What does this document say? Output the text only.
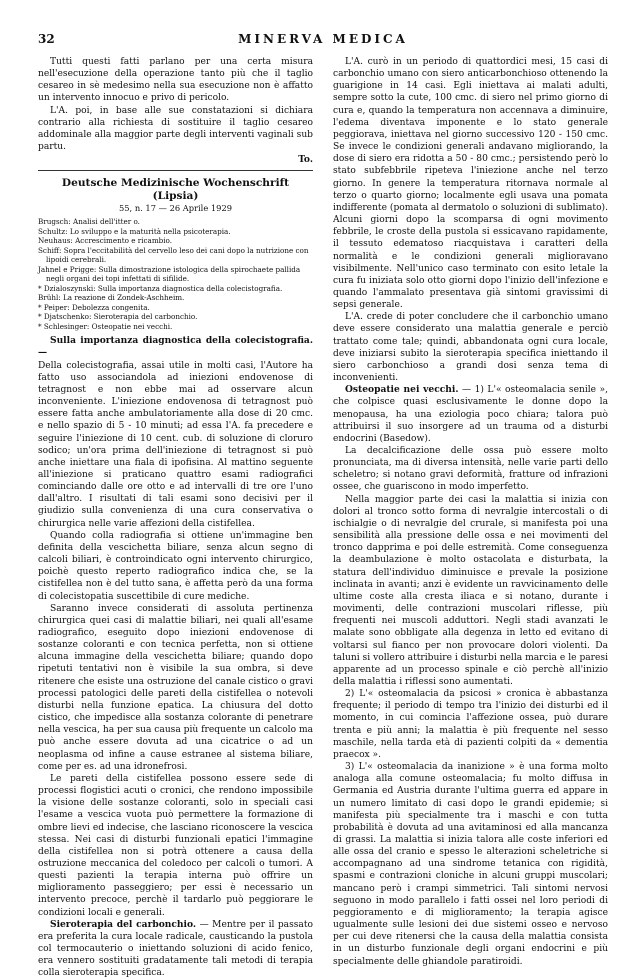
32	MINERVA MEDICA

Tutti questi fatti parlano per una certa misura nell'esecuzione della operazione tanto più che il taglio cesareo in sè medesimo nella sua esecuzione non è affatto un intervento innocuo e privo di pericolo.

L'A. poi, in base alle sue constatazioni si dichiara contrario alla richiesta di sostituire il taglio cesareo addominale alla maggior parte degli interventi vaginali sub partu.

To.
Deutsche Medizinische Wochenschrift (Lipsia)
55, n. 17 — 26 Aprile 1929

Brugsch: Analisi dell'itter o.

Schultz: Lo sviluppo e la maturità nella psicoterapia.

Neuhaus: Accrescimento e ricambio.

Schiff: Sopra l'eccitabilità del cervello leso dei cani dopo la nutrizione con lipoidi cerebrali.

Jahnel e Prigge: Sulla dimostrazione istologica della spirochaete pallida negli organi dei topi infettati di sifilide.

* Dzialoszynski: Sulla importanza diagnostica della colecistografia.

Brühl: La reazione di Zondek-Aschheim.

* Peiper: Debolezza congenita.

* Djatschenko: Sieroterapia del carbonchio.

* Schlesinger: Osteopatie nei vecchi.

Sulla importanza diagnostica della colecistografia. —

Della colecistografia, assai utile in molti casi, l'Autore ha fatto uso associandola ad iniezioni endovenose di tetragnost e non ebbe mai ad osservare alcun inconveniente. L'iniezione endovenosa di tetragnost può essere fatta anche ambulatoriamente alla dose di 20 cmc. e nello spazio di 5 - 10 minuti; ad essa l'A. fa precedere e seguire l'iniezione di 10 cent. cub. di soluzione di cloruro sodico; un'ora prima dell'iniezione di tetragnost si può anche iniettare una fiala di ipofisina. Al mattino seguente all'iniezione si praticano quattro esami radiografici cominciando dalle ore otto e ad intervalli di tre ore l'uno dall'altro. I risultati di tali esami sono decisivi per il giudizio sulla convenienza di una cura conservativa o chirurgica nelle varie affezioni della cistifellea.

Quando colla radiografia si ottiene un'immagine ben definita della vescichetta biliare, senza alcun segno di calcoli biliari, è controindicato ogni intervento chirurgico, poichè questo reperto radiografico indica che, se la cistifellea non è del tutto sana, è affetta però da una forma di colecistopatia suscettibile di cure mediche.

Saranno invece considerati di assoluta pertinenza chirurgica quei casi di malattie biliari, nei quali all'esame radiografico, eseguito dopo iniezioni endovenose di sostanze coloranti e con tecnica perfetta, non si ottiene alcuna immagine della vescichetta biliare; quando dopo ripetuti tentativi non è visibile la sua ombra, si deve ritenere che esiste una ostruzione del canale cistico o gravi processi patologici delle pareti della cistifellea o notevoli disturbi nella funzione epatica. La chiusura del dotto cistico, che impedisce alla sostanza colorante di penetrare nella vescica, ha per sua causa più frequente un calcolo ma può anche essere dovuta ad una cicatrice o ad un neoplasma od infine a cause estranee al sistema biliare, come per es. ad una idronefrosi.

Le pareti della cistifellea possono essere sede di processi flogistici acuti o cronici, che rendono impossibile la visione delle sostanze coloranti, solo in speciali casi l'esame a vescica vuota può permettere la formazione di ombre lievi ed indecise, che lasciano riconoscere la vescica stessa. Nei casi di disturbi funzionali epatici l'immagine della cistifellea non si potrà ottenere a causa della ostruzione meccanica del coledoco per calcoli o tumori. A questi pazienti la terapia interna può offrire un miglioramento passeggiero; per essi è necessario un intervento precoce, perchè il tardarlo può peggiorare le condizioni locali e generali.

Sieroterapia del carbonchio. — Mentre per il passato era preferita la cura locale radicale, causticando la pustola col termocauterio o iniettando soluzioni di acido fenico, era vennero sostituiti gradatamente tali metodi di terapia colla sieroterapia specifica.

L'A. curò in un periodo di quattordici mesi, 15 casi di carbonchio umano con siero anticarbonchioso ottenendo la guarigione in 14 casi. Egli iniettava ai malati adulti, sempre sotto la cute, 100 cmc. di siero nel primo giorno di cura e, quando la temperatura non accennava a diminuire, l'edema diventava imponente e lo stato generale peggiorava, iniettava nel giorno successivo 120 - 150 cmc. Se invece le condizioni generali andavano migliorando, la dose di siero era ridotta a 50 - 80 cmc.; persistendo però lo stato subfebbrile ripeteva l'iniezione anche nel terzo giorno. In genere la temperatura ritornava normale al terzo o quarto giorno; localmente egli usava una pomata indifferente (pomata al dermatolo o soluzioni di sublimato). Alcuni giorni dopo la scomparsa di ogni movimento febbrile, le croste della pustola si essicavano rapidamente, il tessuto edematoso riacquistava i caratteri della normalità e le condizioni generali miglioravano visibilmente. Nell'unico caso terminato con esito letale la cura fu iniziata solo otto giorni dopo l'inizio dell'infezione e quando l'ammalato presentava già sintomi gravissimi di sepsi generale.

L'A. crede di poter concludere che il carbonchio umano deve essere considerato una malattia generale e perciò trattato come tale; quindi, abbandonata ogni cura locale, deve iniziarsi subito la sieroterapia specifica iniettando il siero carbonchioso a grandi dosi senza tema di inconvenienti.

Osteopatie nei vecchi. — 1) L'« osteomalacia senile », che colpisce quasi esclusivamente le donne dopo la menopausa, ha una eziologia poco chiara; talora può attribuirsi il suo insorgere ad un trauma od a disturbi endocrini (Basedow).

La decalcificazione delle ossa può essere molto pronunciata, ma di diversa intensità, nelle varie parti dello scheletro; si notano gravi deformità, fratture od infrazioni ossee, che guariscono in modo imperfetto.

Nella maggior parte dei casi la malattia si inizia con dolori al tronco sotto forma di nevralgie intercostali o di ischialgie o di nevralgie del crurale, si manifesta poi una sensibilità alla pressione delle ossa e nei movimenti del tronco dapprima e poi delle estremità. Come conseguenza la deambulazione è molto ostacolata e disturbata, la statura dell'individuo diminuisce e prevale la posizione inclinata in avanti; anzi è evidente un ravvicinamento delle ultime coste alla cresta iliaca e si notano, durante i movimenti, delle contrazioni muscolari riflesse, più frequenti nei muscoli adduttori. Negli stadi avanzati le malate sono obbligate alla degenza in letto ed evitano di voltarsi sul fianco per non provocare dolori violenti. Da taluni si vollero attribuire i disturbi nella marcia e le paresi apparente ad un processo spinale e ciò perchè all'inizio della malattia i riflessi sono aumentati.

2) L'« osteomalacia da psicosi » cronica è abbastanza frequente; il periodo di tempo tra l'inizio dei disturbi ed il momento, in cui comincia l'affezione ossea, può durare trenta e più anni; la malattia è più frequente nel sesso maschile, nella tarda età di pazienti colpiti da « dementia praecox ».

3) L'« osteomalacia da inanizione » è una forma molto analoga alla comune osteomalacia; fu molto diffusa in Germania ed Austria durante l'ultima guerra ed appare in un numero limitato di casi dopo le grandi epidemie; si manifesta più specialmente tra i maschi e con tutta probabilità è dovuta ad una avitaminosi ed alla mancanza di grassi. La malattia si inizia talora alle coste inferiori ed alle ossa del cranio e spesso le alterazioni scheletriche si accompagnano ad una sindrome tetanica con rigidità, spasmi e contrazioni cloniche in alcuni gruppi muscolari; mancano però i crampi simmetrici. Tali sintomi nervosi seguono in modo parallelo i fatti ossei nel loro periodi di peggioramento e di miglioramento; la terapia agisce ugualmente sulle lesioni dei due sistemi osseo e nervoso per cui deve ritenersi che la causa della malattia consista in un disturbo funzionale degli organi endocrini e più specialmente delle ghiandole paratiroidi.
